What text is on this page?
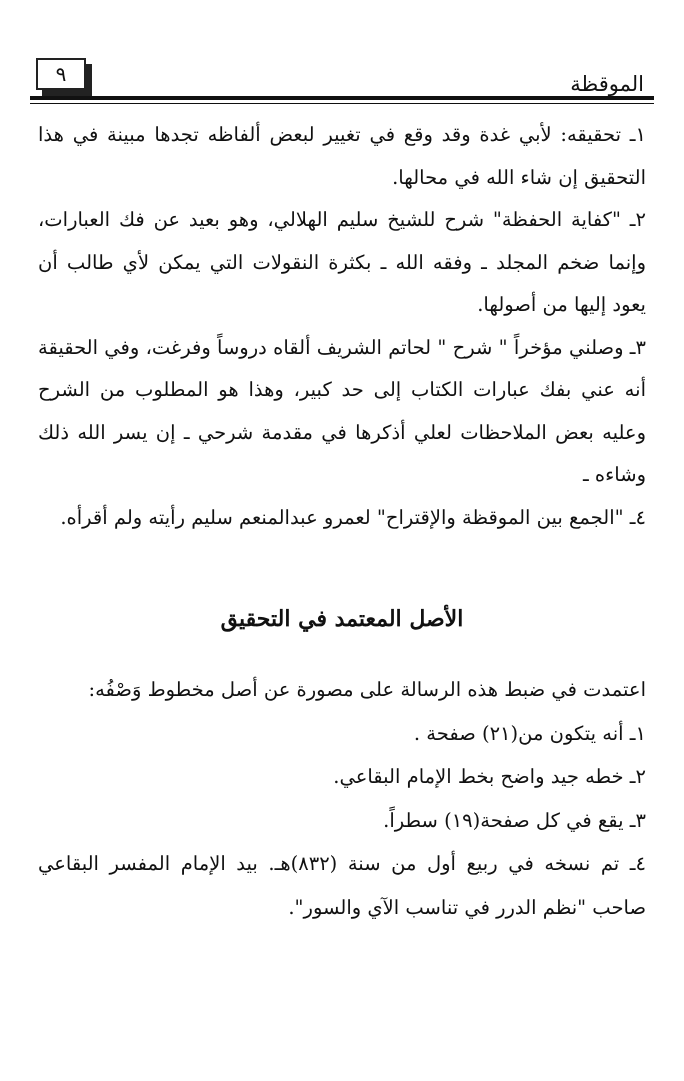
٩	الموقظة

١ـ تحقيقه: لأبي غدة وقد وقع في تغيير لبعض ألفاظه تجدها مبينة في هذا التحقيق إن شاء الله في محالها.

٢ـ "كفاية الحفظة" شرح للشيخ سليم الهلالي، وهو بعيد عن فك العبارات، وإنما ضخم المجلد ـ وفقه الله ـ بكثرة النقولات التي يمكن لأي طالب أن يعود إليها من أصولها.

٣ـ وصلني مؤخراً " شرح " لحاتم الشريف ألقاه دروساً وفرغت، وفي الحقيقة أنه عني بفك عبارات الكتاب إلى حد كبير، وهذا هو المطلوب من الشرح وعليه بعض الملاحظات لعلي أذكرها في مقدمة شرحي ـ إن يسر الله ذلك وشاءه ـ

٤ـ "الجمع بين الموقظة والإقتراح" لعمرو عبدالمنعم سليم رأيته ولم أقرأه.

الأصل المعتمد في التحقيق

اعتمدت في ضبط هذه الرسالة على مصورة عن أصل مخطوط وَصْفُه:

١ـ أنه يتكون من(٢١) صفحة .

٢ـ خطه جيد واضح بخط الإمام البقاعي.

٣ـ يقع في كل صفحة(١٩) سطراً.

٤ـ تم نسخه في ربيع أول من سنة (٨٣٢)هـ. بيد الإمام المفسر البقاعي صاحب "نظم الدرر في تناسب الآي والسور".
